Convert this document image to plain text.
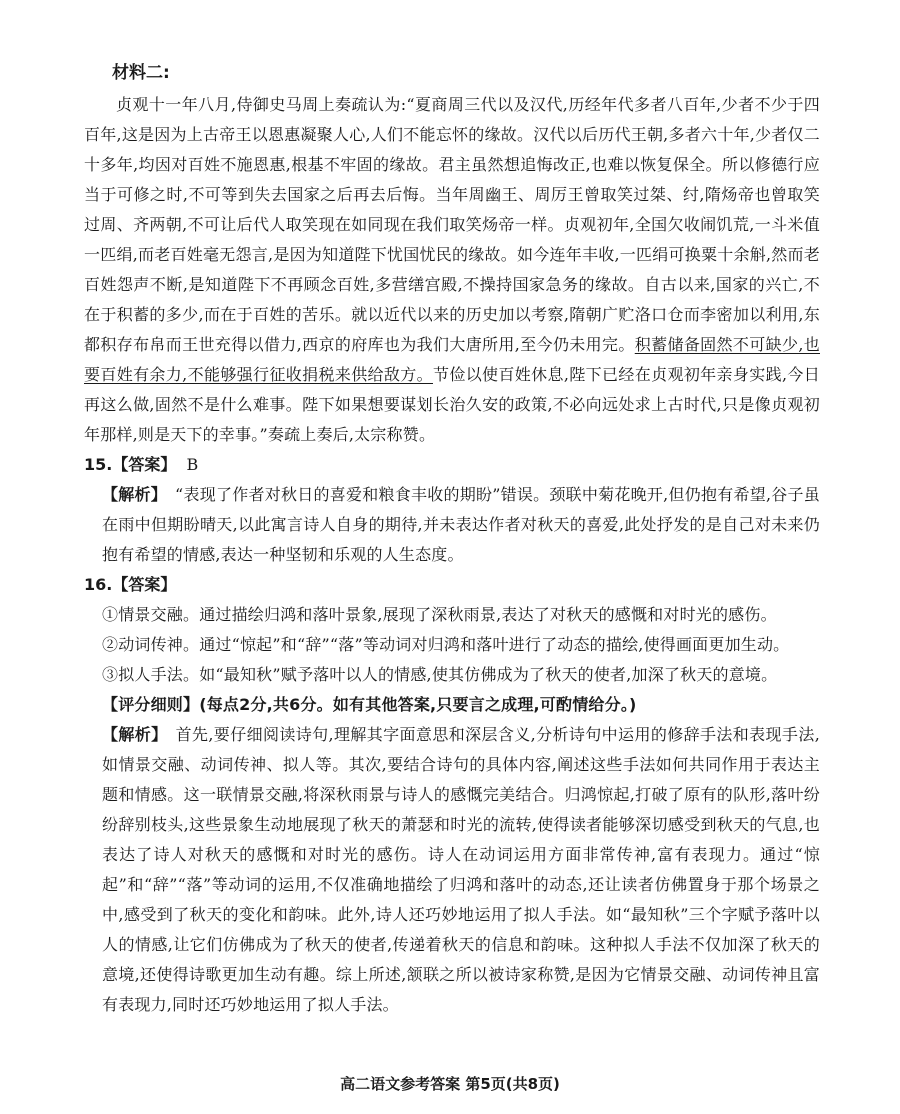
材料二:

贞观十一年八月,侍御史马周上奏疏认为:“夏商周三代以及汉代,历经年代多者八百年,少者不少于四百年,这是因为上古帝王以恩惠凝聚人心,人们不能忘怀的缘故。汉代以后历代王朝,多者六十年,少者仅二十多年,均因对百姓不施恩惠,根基不牢固的缘故。君主虽然想追悔改正,也难以恢复保全。所以修德行应当于可修之时,不可等到失去国家之后再去后悔。当年周幽王、周厉王曾取笑过桀、纣,隋炀帝也曾取笑过周、齐两朝,不可让后代人取笑现在如同现在我们取笑炀帝一样。贞观初年,全国欠收闹饥荒,一斗米值一匹绢,而老百姓毫无怨言,是因为知道陛下忧国忧民的缘故。如今连年丰收,一匹绢可换粟十余斛,然而老百姓怨声不断,是知道陛下不再顾念百姓,多营缮宫殿,不操持国家急务的缘故。自古以来,国家的兴亡,不在于积蓄的多少,而在于百姓的苦乐。就以近代以来的历史加以考察,隋朝广贮洛口仓而李密加以利用,东都积存布帛而王世充得以借力,西京的府库也为我们大唐所用,至今仍未用完。积蓄储备固然不可缺少,也要百姓有余力,不能够强行征收捐税来供给敌方。节俭以使百姓休息,陛下已经在贞观初年亲身实践,今日再这么做,固然不是什么难事。陛下如果想要谋划长治久安的政策,不必向远处求上古时代,只是像贞观初年那样,则是天下的幸事。”奏疏上奏后,太宗称赞。

15.【答案】 B

【解析】 “表现了作者对秋日的喜爱和粮食丰收的期盼”错误。颈联中菊花晚开,但仍抱有希望,谷子虽在雨中但期盼晴天,以此寓言诗人自身的期待,并未表达作者对秋天的喜爱,此处抒发的是自己对未来仍抱有希望的情感,表达一种坚韧和乐观的人生态度。

16.【答案】

①情景交融。通过描绘归鸿和落叶景象,展现了深秋雨景,表达了对秋天的感慨和对时光的感伤。

②动词传神。通过“惊起”和“辞”“落”等动词对归鸿和落叶进行了动态的描绘,使得画面更加生动。

③拟人手法。如“最知秋”赋予落叶以人的情感,使其仿佛成为了秋天的使者,加深了秋天的意境。

【评分细则】(每点2分,共6分。如有其他答案,只要言之成理,可酌情给分。)

【解析】 首先,要仔细阅读诗句,理解其字面意思和深层含义,分析诗句中运用的修辞手法和表现手法,如情景交融、动词传神、拟人等。其次,要结合诗句的具体内容,阐述这些手法如何共同作用于表达主题和情感。这一联情景交融,将深秋雨景与诗人的感慨完美结合。归鸿惊起,打破了原有的队形,落叶纷纷辞别枝头,这些景象生动地展现了秋天的萧瑟和时光的流转,使得读者能够深切感受到秋天的气息,也表达了诗人对秋天的感慨和对时光的感伤。诗人在动词运用方面非常传神,富有表现力。通过“惊起”和“辞”“落”等动词的运用,不仅准确地描绘了归鸿和落叶的动态,还让读者仿佛置身于那个场景之中,感受到了秋天的变化和韵味。此外,诗人还巧妙地运用了拟人手法。如“最知秋”三个字赋予落叶以人的情感,让它们仿佛成为了秋天的使者,传递着秋天的信息和韵味。这种拟人手法不仅加深了秋天的意境,还使得诗歌更加生动有趣。综上所述,颔联之所以被诗家称赞,是因为它情景交融、动词传神且富有表现力,同时还巧妙地运用了拟人手法。

高二语文参考答案 第5页(共8页)
